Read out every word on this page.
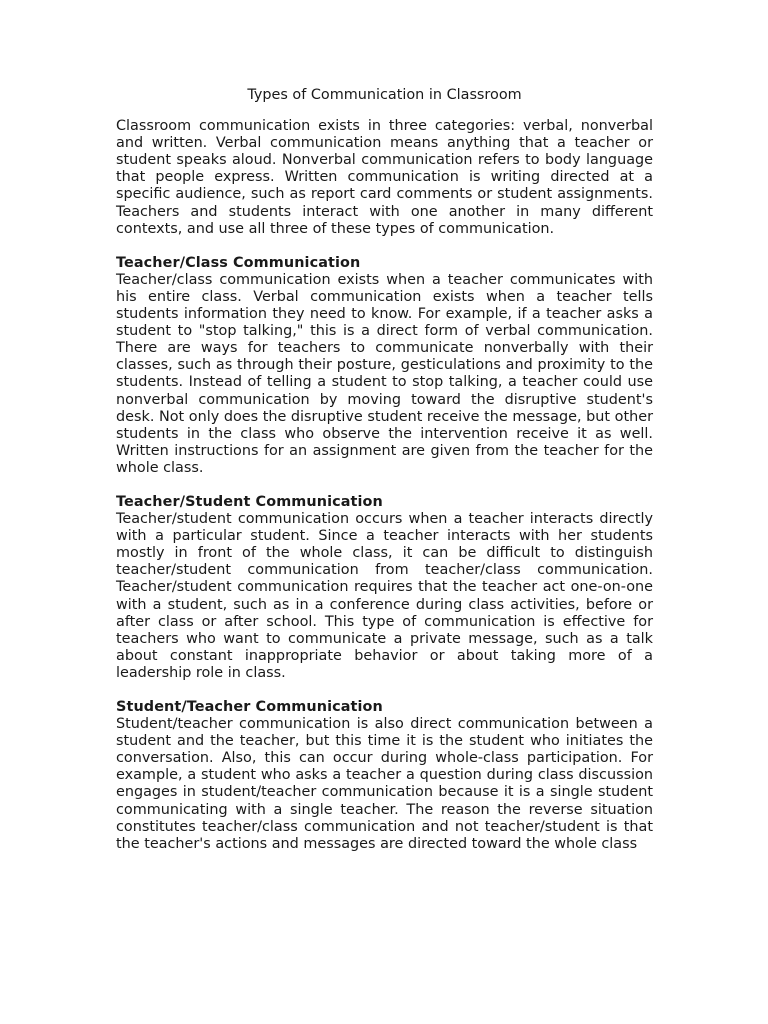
Types of Communication in Classroom

Classroom communication exists in three categories: verbal, nonverbal and written. Verbal communication means anything that a teacher or student speaks aloud. Nonverbal communication refers to body language that people express. Written communication is writing directed at a specific audience, such as report card comments or student assignments. Teachers and students interact with one another in many different contexts, and use all three of these types of communication.

Teacher/Class Communication

Teacher/class communication exists when a teacher communicates with his entire class. Verbal communication exists when a teacher tells students information they need to know. For example, if a teacher asks a student to "stop talking," this is a direct form of verbal communication. There are ways for teachers to communicate nonverbally with their classes, such as through their posture, gesticulations and proximity to the students. Instead of telling a student to stop talking, a teacher could use nonverbal communication by moving toward the disruptive student's desk. Not only does the disruptive student receive the message, but other students in the class who observe the intervention receive it as well. Written instructions for an assignment are given from the teacher for the whole class.

Teacher/Student Communication

Teacher/student communication occurs when a teacher interacts directly with a particular student. Since a teacher interacts with her students mostly in front of the whole class, it can be difficult to distinguish teacher/student communication from teacher/class communication. Teacher/student communication requires that the teacher act one-on-one with a student, such as in a conference during class activities, before or after class or after school. This type of communication is effective for teachers who want to communicate a private message, such as a talk about constant inappropriate behavior or about taking more of a leadership role in class.

Student/Teacher Communication

Student/teacher communication is also direct communication between a student and the teacher, but this time it is the student who initiates the conversation. Also, this can occur during whole-class participation. For example, a student who asks a teacher a question during class discussion engages in student/teacher communication because it is a single student communicating with a single teacher. The reason the reverse situation constitutes teacher/class communication and not teacher/student is that the teacher's actions and messages are directed toward the whole class
